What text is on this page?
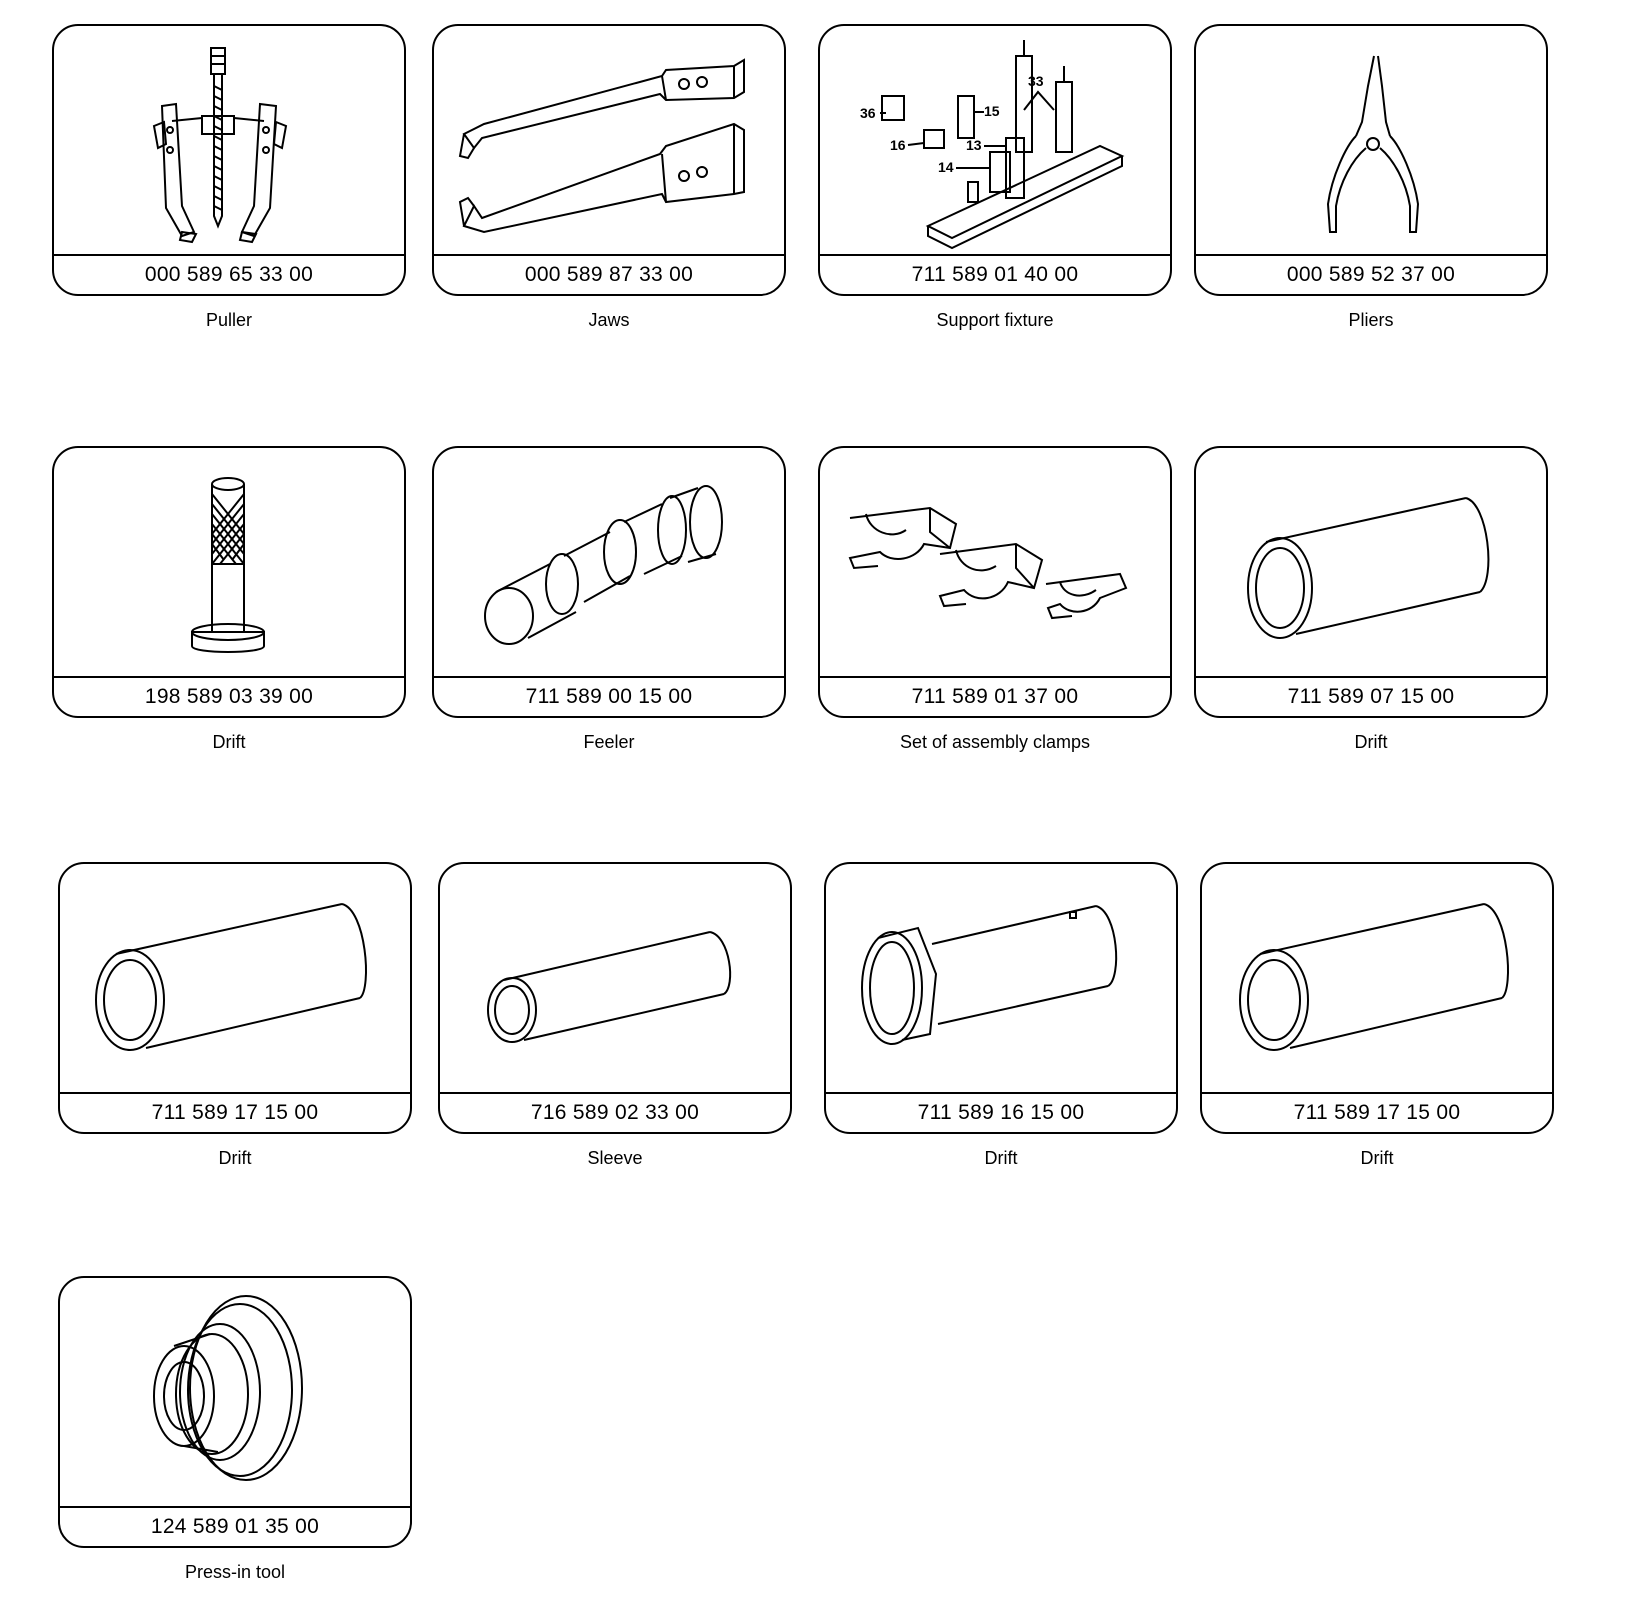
000 589 65 33 00
Puller
000 589 87 33 00
Jaws
36
16
15
33
13
14
711 589 01 40 00
Support fixture
000 589 52 37 00
Pliers
198 589 03 39 00
Drift
711 589 00 15 00
Feeler
711 589 01 37 00
Set of assembly clamps
711 589 07 15 00
Drift
711 589 17 15 00
Drift
716 589 02 33 00
Sleeve
711 589 16 15 00
Drift
711 589 17 15 00
Drift
124 589 01 35 00
Press-in tool
